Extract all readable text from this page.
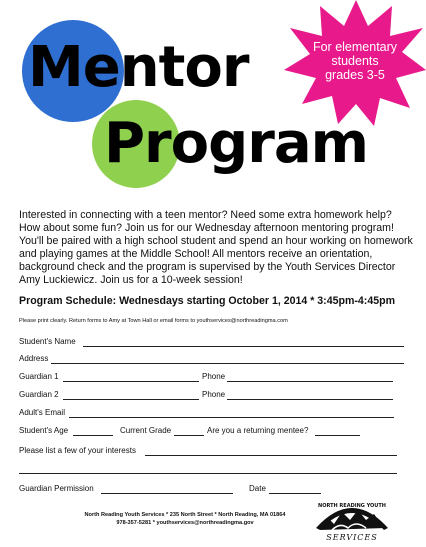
Mentor
Program
For elementary
students
grades 3-5

Interested in connecting with a teen mentor? Need some extra homework help? How about some fun? Join us for our Wednesday afternoon mentoring program! You'll be paired with a high school student and spend an hour working on homework and playing games at the Middle School! All mentors receive an orientation, background check and the program is supervised by the Youth Services Director Amy Luckiewicz. Join us for a 10-week session!

Program Schedule: Wednesdays starting October 1, 2014 * 3:45pm-4:45pm
Please print clearly. Return forms to Amy at Town Hall or email forms to youthservices@northreadingma.com
Student's Name
Address
Guardian 1	Phone
Guardian 2	Phone
Adult's Email
Student's Age	Current Grade	Are you a returning mentee?
Please list a few of your interests
Guardian Permission	Date
North Reading Youth Services * 235 North Street * North Reading, MA 01864
978-357-5281 * youthservices@northreadingma.gov
NORTH READING YOUTH
SERVICES
